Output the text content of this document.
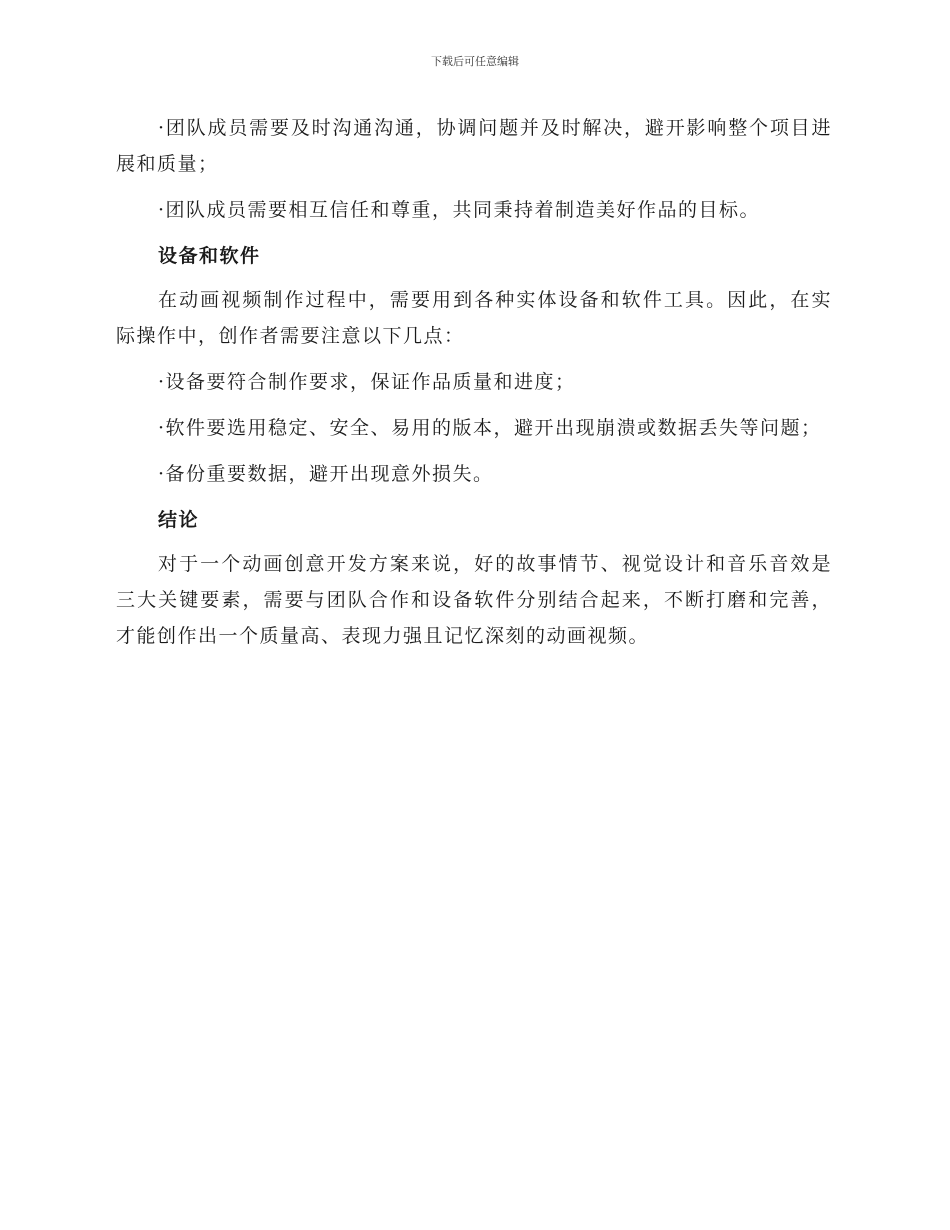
下载后可任意编辑

·团队成员需要及时沟通沟通，协调问题并及时解决，避开影响整个项目进展和质量；

·团队成员需要相互信任和尊重，共同秉持着制造美好作品的目标。

设备和软件

在动画视频制作过程中，需要用到各种实体设备和软件工具。因此，在实际操作中，创作者需要注意以下几点：

·设备要符合制作要求，保证作品质量和进度；

·软件要选用稳定、安全、易用的版本，避开出现崩溃或数据丢失等问题；

·备份重要数据，避开出现意外损失。

结论

对于一个动画创意开发方案来说，好的故事情节、视觉设计和音乐音效是三大关键要素，需要与团队合作和设备软件分别结合起来，不断打磨和完善，才能创作出一个质量高、表现力强且记忆深刻的动画视频。
